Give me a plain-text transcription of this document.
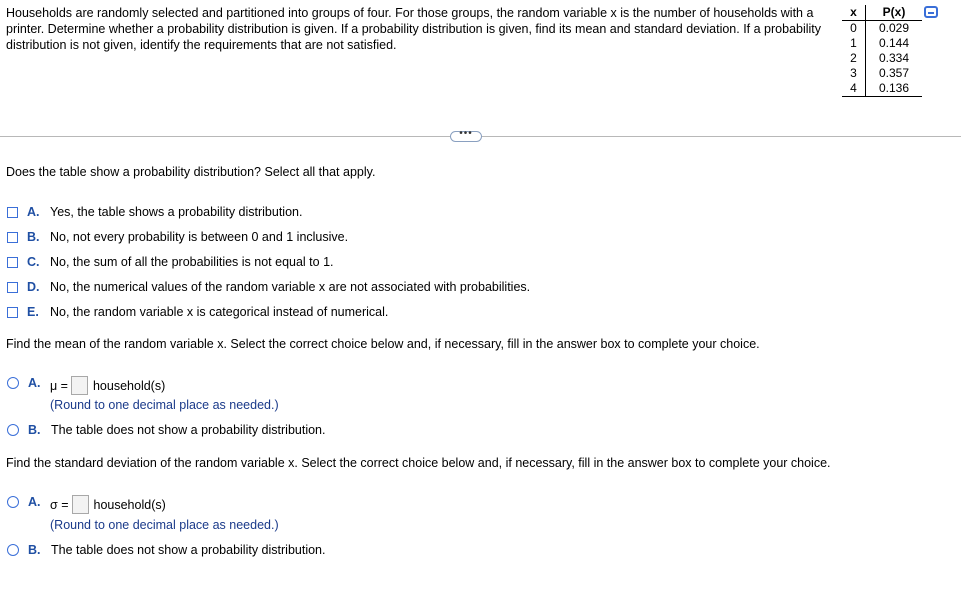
Households are randomly selected and partitioned into groups of four. For those groups, the random variable x is the number of households with a printer. Determine whether a probability distribution is given. If a probability distribution is given, find its mean and standard deviation. If a probability distribution is not given, identify the requirements that are not satisfied.
x	P(x)
0	0.029
1	0.144
2	0.334
3	0.357
4	0.136
•••
Does the table show a probability distribution? Select all that apply.
A. Yes, the table shows a probability distribution.
B. No, not every probability is between 0 and 1 inclusive.
C. No, the sum of all the probabilities is not equal to 1.
D. No, the numerical values of the random variable x are not associated with probabilities.
E. No, the random variable x is categorical instead of numerical.
Find the mean of the random variable x. Select the correct choice below and, if necessary, fill in the answer box to complete your choice.
A. μ = household(s)
(Round to one decimal place as needed.)
B. The table does not show a probability distribution.
Find the standard deviation of the random variable x. Select the correct choice below and, if necessary, fill in the answer box to complete your choice.
A. σ = household(s)
(Round to one decimal place as needed.)
B. The table does not show a probability distribution.
